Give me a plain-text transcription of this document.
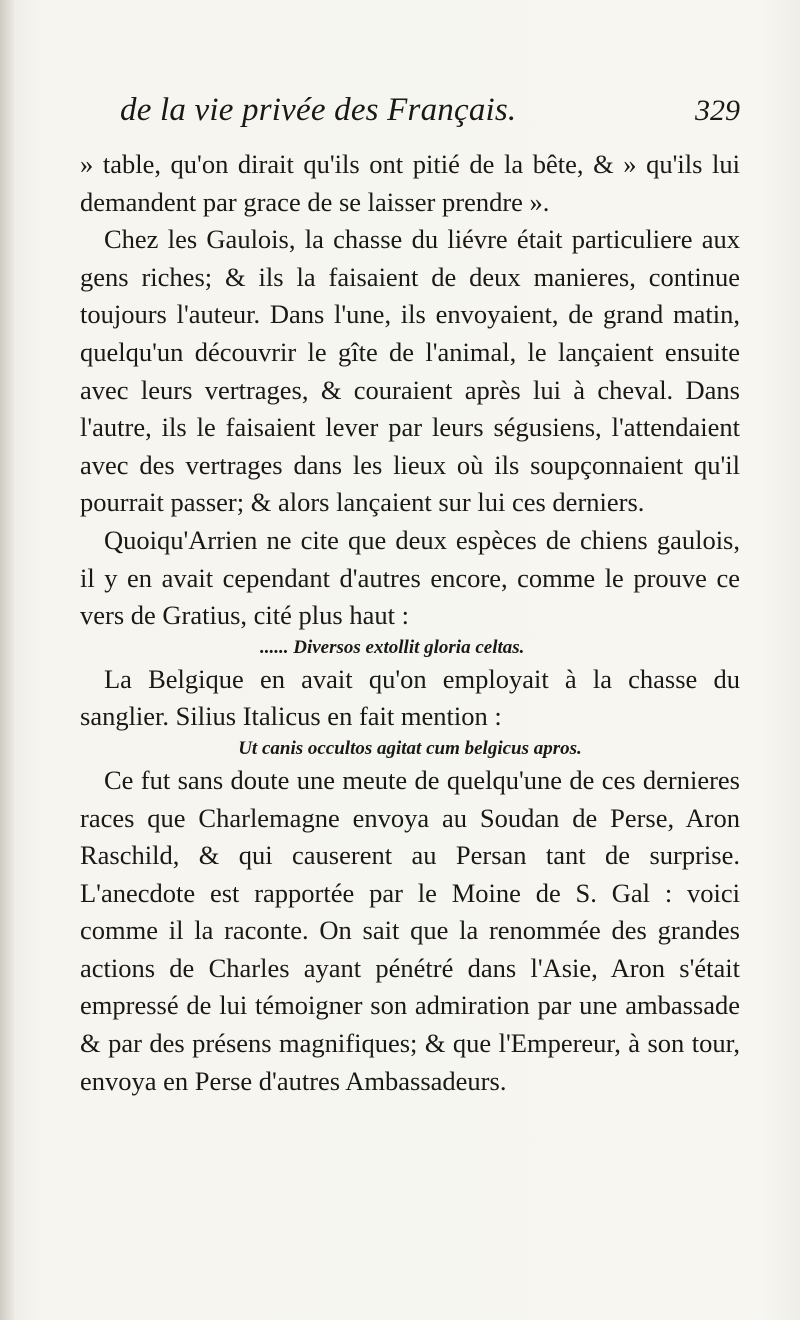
de la vie privée des Français.	329

» table, qu'on dirait qu'ils ont pitié de la bête, & » qu'ils lui demandent par grace de se laisser prendre ».

Chez les Gaulois, la chasse du liévre était particuliere aux gens riches; & ils la faisaient de deux manieres, continue toujours l'auteur. Dans l'une, ils envoyaient, de grand matin, quelqu'un découvrir le gîte de l'animal, le lançaient ensuite avec leurs vertrages, & couraient après lui à cheval. Dans l'autre, ils le faisaient lever par leurs ségusiens, l'attendaient avec des vertrages dans les lieux où ils soupçonnaient qu'il pourrait passer; & alors lançaient sur lui ces derniers.

Quoiqu'Arrien ne cite que deux espèces de chiens gaulois, il y en avait cependant d'autres encore, comme le prouve ce vers de Gratius, cité plus haut :

...... Diversos extollit gloria celtas.

La Belgique en avait qu'on employait à la chasse du sanglier. Silius Italicus en fait mention :

Ut canis occultos agitat cum belgicus apros.

Ce fut sans doute une meute de quelqu'une de ces dernieres races que Charlemagne envoya au Soudan de Perse, Aron Raschild, & qui causerent au Persan tant de surprise. L'anecdote est rapportée par le Moine de S. Gal : voici comme il la raconte. On sait que la renommée des grandes actions de Charles ayant pénétré dans l'Asie, Aron s'était empressé de lui témoigner son admiration par une ambassade & par des présens magnifiques; & que l'Empereur, à son tour, envoya en Perse d'autres Ambassadeurs.
